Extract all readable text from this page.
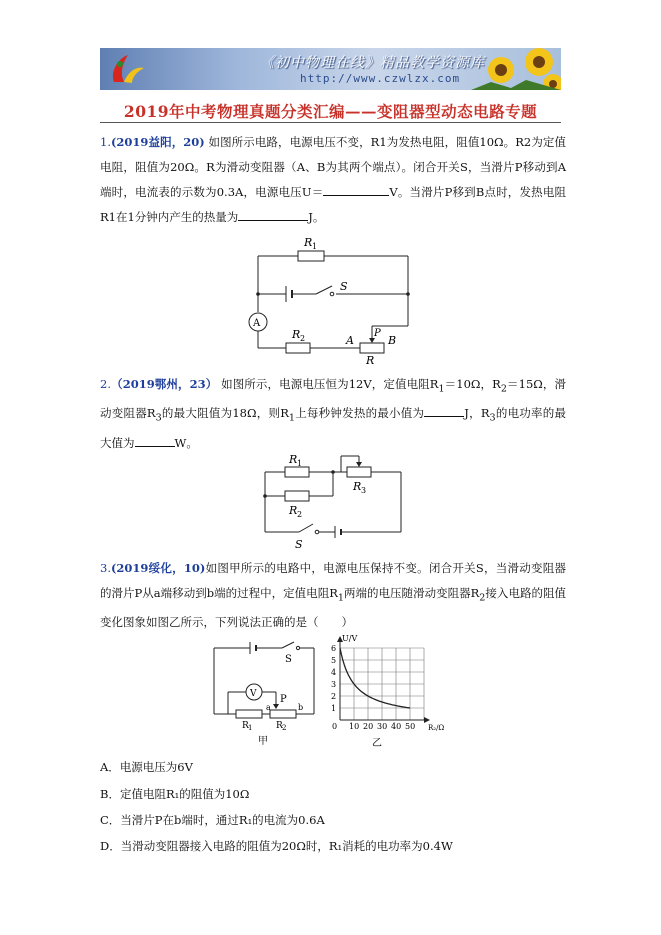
《初中物理在线》精品教学资源库
http://www.czwlzx.com
2019年中考物理真题分类汇编——变阻器型动态电路专题
1.(2019益阳，20) 如图所示电路，电源电压不变，R1为发热电阻，阻值10Ω。R2为定值电阻，阻值为20Ω。R为滑动变阻器（A、B为其两个端点）。闭合开关S，当滑片P移动到A端时，电流表的示数为0.3A，电源电压U＝	V。当滑片P移到B点时，发热电阻R1在1分钟内产生的热量为	J。
R 1
S
A
R 2	A	B
P
R
2.（2019鄂州，23） 如图所示，电源电压恒为12V，定值电阻$R_1=10\Omega$，$R_2=15\Omega$，滑动变阻器$R_3$的最大阻值为18Ω，则$R_1$上每秒钟发热的最小值为	J，$R_3$的电功率的最大值为	W。
R 1
R 2
R 3
S
3.(2019绥化，10)如图甲所示的电路中，电源电压保持不变。闭合开关S，当滑动变阻器的滑片P从a端移动到b端的过程中，定值电阻$R_1$两端的电压随滑动变阻器$R_2$接入电路的阻值变化图象如图乙所示，下列说法正确的是（　　）
S
V P
a	b
R 1	R 2
甲
U/V
R₂/Ω
0
1
2
3
4
5
6
10 20 30 40 50
乙
A．电源电压为6V
B．定值电阻R₁的阻值为10Ω
C．当滑片P在b端时，通过R₁的电流为0.6A
D．当滑动变阻器接入电路的阻值为20Ω时，R₁消耗的电功率为0.4W
